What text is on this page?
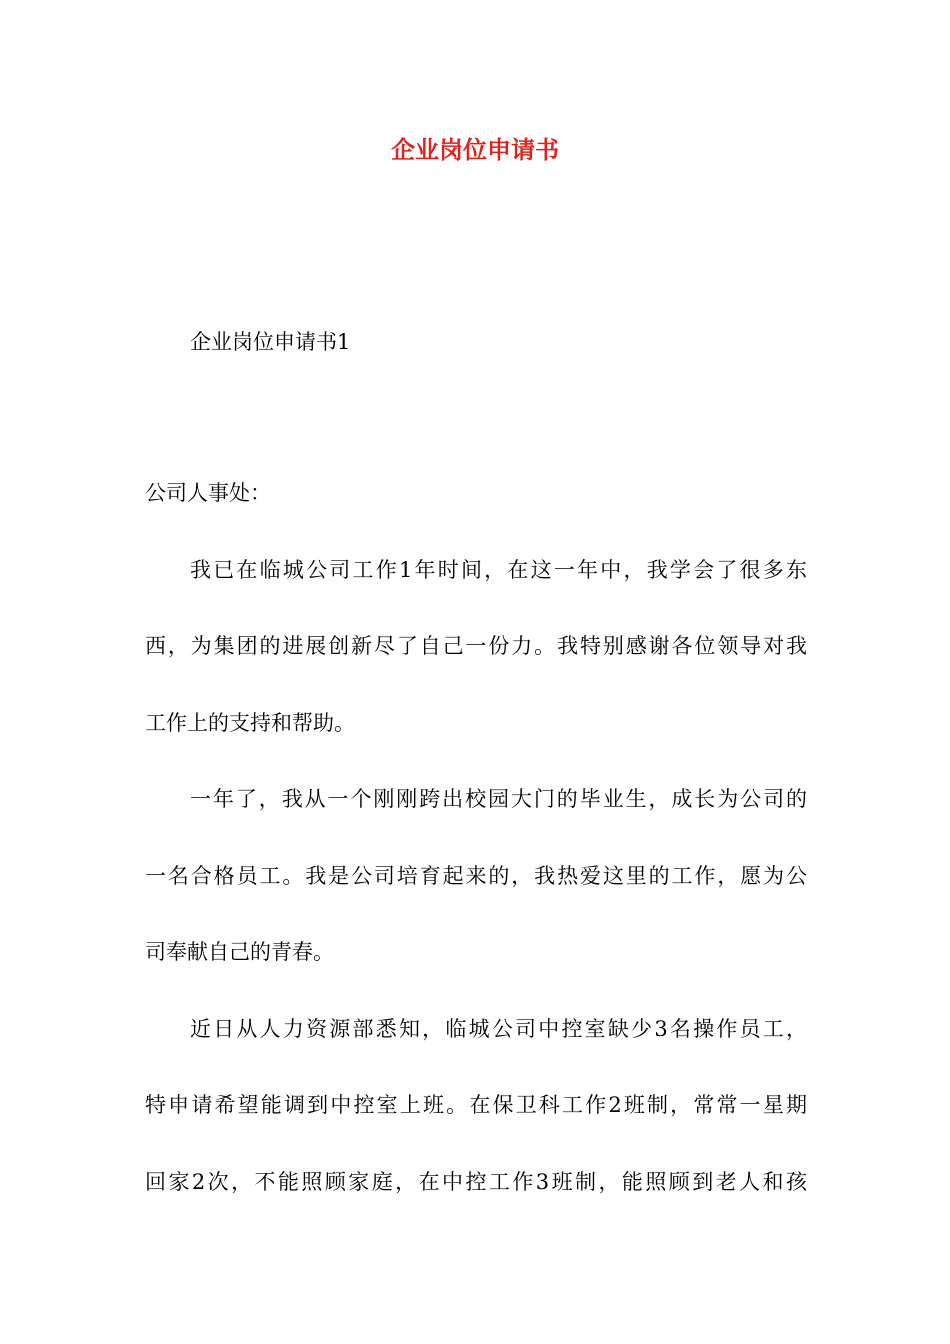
企业岗位申请书

企业岗位申请书1

公司人事处：

我已在临城公司工作1年时间，在这一年中，我学会了很多东

西，为集团的进展创新尽了自己一份力。我特别感谢各位领导对我

工作上的支持和帮助。

一年了，我从一个刚刚跨出校园大门的毕业生，成长为公司的

一名合格员工。我是公司培育起来的，我热爱这里的工作，愿为公

司奉献自己的青春。

近日从人力资源部悉知，临城公司中控室缺少3名操作员工，

特申请希望能调到中控室上班。在保卫科工作2班制，常常一星期

回家2次，不能照顾家庭，在中控工作3班制，能照顾到老人和孩
